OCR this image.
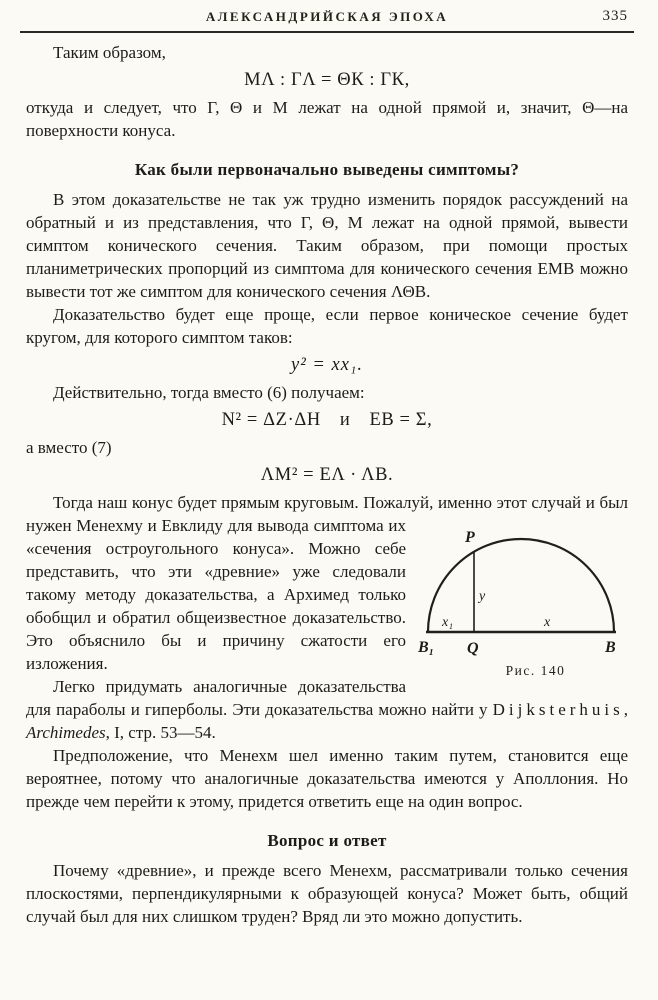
АЛЕКСАНДРИЙСКАЯ ЭПОХА	335

Таким образом,

МΛ : ГΛ = ΘК : ГК,

откуда и следует, что Г, Θ и М лежат на одной прямой и, значит, Θ—на поверхности конуса.

Как были первоначально выведены симптомы?

В этом доказательстве не так уж трудно изменить порядок рассуждений на обратный и из представления, что Г, Θ, М лежат на одной прямой, вывести симптом конического сечения. Таким образом, при помощи простых планиметрических пропорций из симптома для конического сечения ЕМВ можно вывести тот же симптом для конического сечения ΛΘВ.

Доказательство будет еще проще, если первое коническое сечение будет кругом, для которого симптом таков:

y² = xx₁.

Действительно, тогда вместо (6) получаем:

N² = ΔZ·ΔН и ЕВ = Σ,

а вместо (7)

ΛМ² = ЕΛ · ΛВ.
Тогда наш конус будет прямым круговым. Пожалуй, именно этот случай и был нужен Менехму и Евклиду для вывода симптома
P
y
x₁	x
B₁ Q	B
Рис. 140
их «сечения остроугольного конуса». Можно себе представить, что эти «древние» уже следовали такому методу доказательства, а Архимед только обобщил и обратил общеизвестное доказательство. Это объяснило бы и причину сжатости его изложения.

Легко придумать аналогичные доказательства для параболы и гиперболы. Эти доказательства можно найти у Dijksterhuis, Archimedes, I, стр. 53—54.

Предположение, что Менехм шел именно таким путем, становится еще вероятнее, потому что аналогичные доказательства имеются у Аполлония. Но прежде чем перейти к этому, придется ответить еще на один вопрос.

Вопрос и ответ

Почему «древние», и прежде всего Менехм, рассматривали только сечения плоскостями, перпендикулярными к образующей конуса? Может быть, общий случай был для них слишком труден? Вряд ли это можно допустить.
